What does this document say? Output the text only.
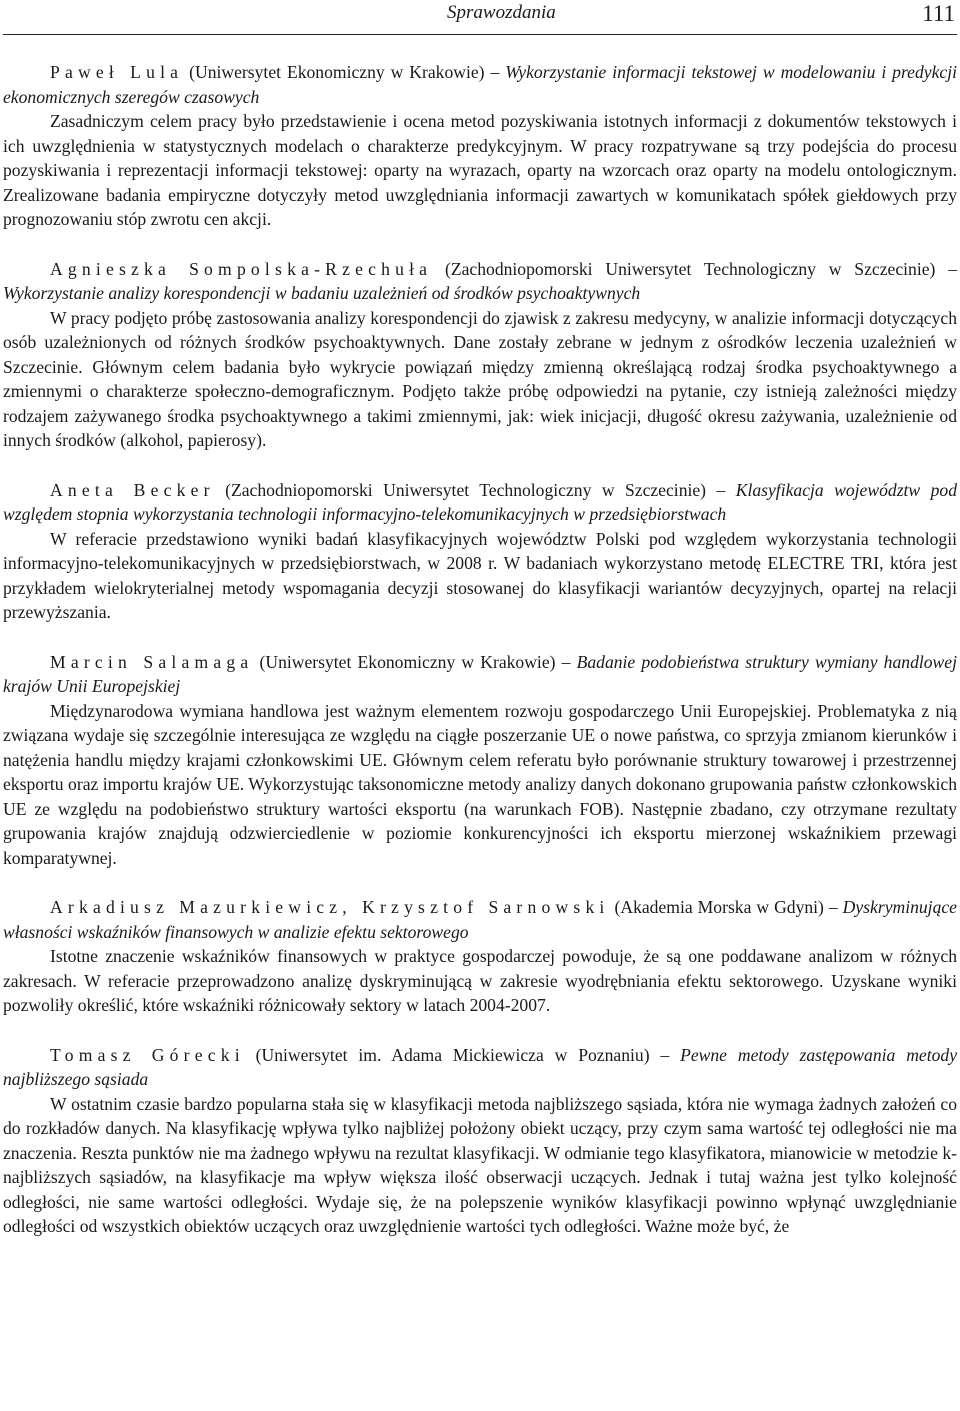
Sprawozdania	111

Paweł Lula (Uniwersytet Ekonomiczny w Krakowie) – Wykorzystanie informacji tekstowej w modelowaniu i predykcji ekonomicznych szeregów czasowych

Zasadniczym celem pracy było przedstawienie i ocena metod pozyskiwania istotnych informacji z dokumentów tekstowych i ich uwzględnienia w statystycznych modelach o charakterze predykcyjnym. W pracy rozpatrywane są trzy podejścia do procesu pozyskiwania i reprezentacji informacji tekstowej: oparty na wyrazach, oparty na wzorcach oraz oparty na modelu ontologicznym. Zrealizowane badania empiryczne dotyczyły metod uwzględniania informacji zawartych w komunikatach spółek giełdowych przy prognozowaniu stóp zwrotu cen akcji.

Agnieszka Sompolska-Rzechuła (Zachodniopomorski Uniwersytet Technologiczny w Szczecinie) – Wykorzystanie analizy korespondencji w badaniu uzależnień od środków psychoaktywnych

W pracy podjęto próbę zastosowania analizy korespondencji do zjawisk z zakresu medycyny, w analizie informacji dotyczących osób uzależnionych od różnych środków psychoaktywnych. Dane zostały zebrane w jednym z ośrodków leczenia uzależnień w Szczecinie. Głównym celem badania było wykrycie powiązań między zmienną określającą rodzaj środka psychoaktywnego a zmiennymi o charakterze społeczno-demograficznym. Podjęto także próbę odpowiedzi na pytanie, czy istnieją zależności między rodzajem zażywanego środka psychoaktywnego a takimi zmiennymi, jak: wiek inicjacji, długość okresu zażywania, uzależnienie od innych środków (alkohol, papierosy).

Aneta Becker (Zachodniopomorski Uniwersytet Technologiczny w Szczecinie) – Klasyfikacja województw pod względem stopnia wykorzystania technologii informacyjno-telekomunikacyjnych w przedsiębiorstwach

W referacie przedstawiono wyniki badań klasyfikacyjnych województw Polski pod względem wykorzystania technologii informacyjno-telekomunikacyjnych w przedsiębiorstwach, w 2008 r. W badaniach wykorzystano metodę ELECTRE TRI, która jest przykładem wielokryterialnej metody wspomagania decyzji stosowanej do klasyfikacji wariantów decyzyjnych, opartej na relacji przewyższania.

Marcin Salamaga (Uniwersytet Ekonomiczny w Krakowie) – Badanie podobieństwa struktury wymiany handlowej krajów Unii Europejskiej

Międzynarodowa wymiana handlowa jest ważnym elementem rozwoju gospodarczego Unii Europejskiej. Problematyka z nią związana wydaje się szczególnie interesująca ze względu na ciągłe poszerzanie UE o nowe państwa, co sprzyja zmianom kierunków i natężenia handlu między krajami członkowskimi UE. Głównym celem referatu było porównanie struktury towarowej i przestrzennej eksportu oraz importu krajów UE. Wykorzystując taksonomiczne metody analizy danych dokonano grupowania państw członkowskich UE ze względu na podobieństwo struktury wartości eksportu (na warunkach FOB). Następnie zbadano, czy otrzymane rezultaty grupowania krajów znajdują odzwierciedlenie w poziomie konkurencyjności ich eksportu mierzonej wskaźnikiem przewagi komparatywnej.

Arkadiusz Mazurkiewicz, Krzysztof Sarnowski (Akademia Morska w Gdyni) – Dyskryminujące własności wskaźników finansowych w analizie efektu sektorowego

Istotne znaczenie wskaźników finansowych w praktyce gospodarczej powoduje, że są one poddawane analizom w różnych zakresach. W referacie przeprowadzono analizę dyskryminującą w zakresie wyodrębniania efektu sektorowego. Uzyskane wyniki pozwoliły określić, które wskaźniki różnicowały sektory w latach 2004-2007.

Tomasz Górecki (Uniwersytet im. Adama Mickiewicza w Poznaniu) – Pewne metody zastępowania metody najbliższego sąsiada

W ostatnim czasie bardzo popularna stała się w klasyfikacji metoda najbliższego sąsiada, która nie wymaga żadnych założeń co do rozkładów danych. Na klasyfikację wpływa tylko najbliżej położony obiekt uczący, przy czym sama wartość tej odległości nie ma znaczenia. Reszta punktów nie ma żadnego wpływu na rezultat klasyfikacji. W odmianie tego klasyfikatora, mianowicie w metodzie k-najbliższych sąsiadów, na klasyfikacje ma wpływ większa ilość obserwacji uczących. Jednak i tutaj ważna jest tylko kolejność odległości, nie same wartości odległości. Wydaje się, że na polepszenie wyników klasyfikacji powinno wpłynąć uwzględnianie odległości od wszystkich obiektów uczących oraz uwzględnienie wartości tych odległości. Ważne może być, że
